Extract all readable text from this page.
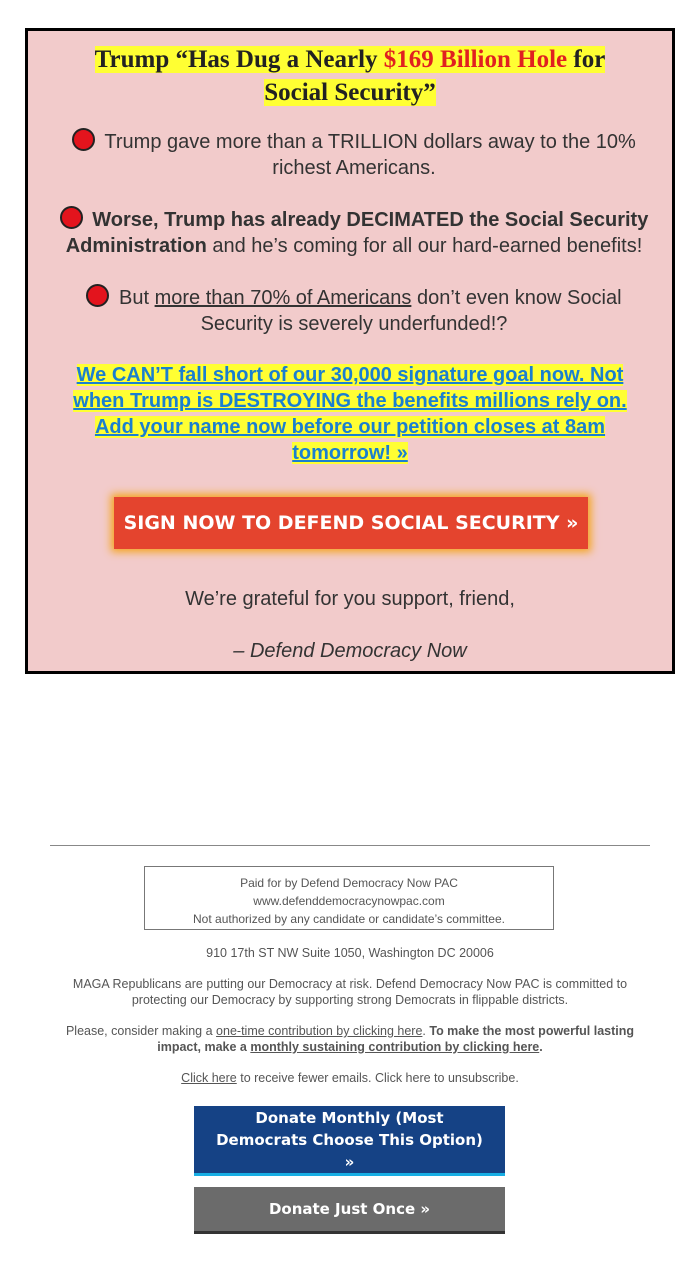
Trump “Has Dug a Nearly $169 Billion Hole for
Social Security”
Trump gave more than a TRILLION dollars away to the 10% richest Americans.
Worse, Trump has already DECIMATED the Social Security Administration and he’s coming for all our hard-earned benefits!
But more than 70% of Americans don’t even know Social Security is severely underfunded!?
We CAN’T fall short of our 30,000 signature goal now. Not when Trump is DESTROYING the benefits millions rely on. Add your name now before our petition closes at 8am tomorrow! »
SIGN NOW TO DEFEND SOCIAL SECURITY »
We’re grateful for you support, friend,
– Defend Democracy Now
Paid for by Defend Democracy Now PAC
www.defenddemocracynowpac.com
Not authorized by any candidate or candidate’s committee.
910 17th ST NW Suite 1050, Washington DC 20006
MAGA Republicans are putting our Democracy at risk. Defend Democracy Now PAC is committed to protecting our Democracy by supporting strong Democrats in flippable districts.
Please, consider making a one-time contribution by clicking here. To make the most powerful lasting impact, make a monthly sustaining contribution by clicking here.
Click here to receive fewer emails. Click here to unsubscribe.
Donate Monthly (Most Democrats Choose This Option) »
Donate Just Once »
